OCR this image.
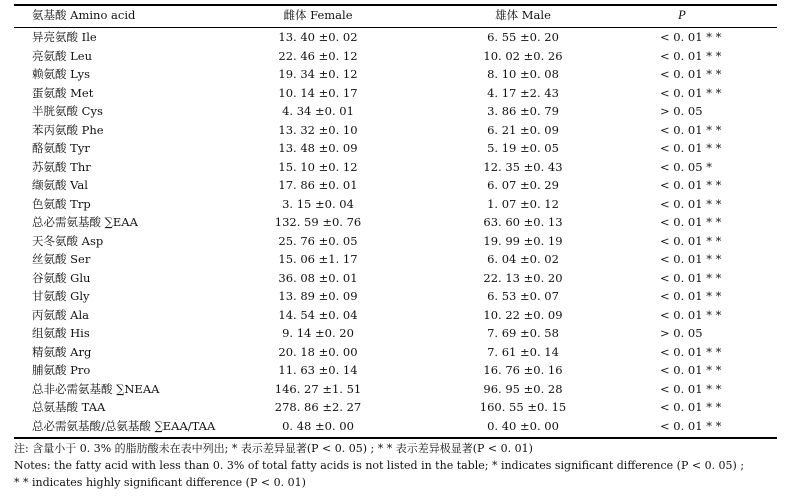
氨基酸 Amino acid	雌体 Female	雄体 Male	P
异亮氨酸 Ile	13. 40 ±0. 02	6. 55 ±0. 20	< 0. 01 * *
亮氨酸 Leu	22. 46 ±0. 12	10. 02 ±0. 26	< 0. 01 * *
赖氨酸 Lys	19. 34 ±0. 12	8. 10 ±0. 08	< 0. 01 * *
蛋氨酸 Met	10. 14 ±0. 17	4. 17 ±2. 43	< 0. 01 * *
半胱氨酸 Cys	4. 34 ±0. 01	3. 86 ±0. 79	> 0. 05
苯丙氨酸 Phe	13. 32 ±0. 10	6. 21 ±0. 09	< 0. 01 * *
酪氨酸 Tyr	13. 48 ±0. 09	5. 19 ±0. 05	< 0. 01 * *
苏氨酸 Thr	15. 10 ±0. 12	12. 35 ±0. 43	< 0. 05 *
缬氨酸 Val	17. 86 ±0. 01	6. 07 ±0. 29	< 0. 01 * *
色氨酸 Trp	3. 15 ±0. 04	1. 07 ±0. 12	< 0. 01 * *
总必需氨基酸 ∑EAA	132. 59 ±0. 76	63. 60 ±0. 13	< 0. 01 * *
天冬氨酸 Asp	25. 76 ±0. 05	19. 99 ±0. 19	< 0. 01 * *
丝氨酸 Ser	15. 06 ±1. 17	6. 04 ±0. 02	< 0. 01 * *
谷氨酸 Glu	36. 08 ±0. 01	22. 13 ±0. 20	< 0. 01 * *
甘氨酸 Gly	13. 89 ±0. 09	6. 53 ±0. 07	< 0. 01 * *
丙氨酸 Ala	14. 54 ±0. 04	10. 22 ±0. 09	< 0. 01 * *
组氨酸 His	9. 14 ±0. 20	7. 69 ±0. 58	> 0. 05
精氨酸 Arg	20. 18 ±0. 00	7. 61 ±0. 14	< 0. 01 * *
脯氨酸 Pro	11. 63 ±0. 14	16. 76 ±0. 16	< 0. 01 * *
总非必需氨基酸 ∑NEAA	146. 27 ±1. 51	96. 95 ±0. 28	< 0. 01 * *
总氨基酸 TAA	278. 86 ±2. 27	160. 55 ±0. 15	< 0. 01 * *
总必需氨基酸/总氨基酸 ∑EAA/TAA	0. 48 ±0. 00	0. 40 ±0. 00	< 0. 01 * *
注: 含量小于 0. 3% 的脂肪酸未在表中列出; * 表示差异显著(P < 0. 05) ; * * 表示差异极显著(P < 0. 01)
Notes: the fatty acid with less than 0. 3% of total fatty acids is not listed in the table; * indicates significant difference (P < 0. 05) ;
* * indicates highly significant difference (P < 0. 01)
